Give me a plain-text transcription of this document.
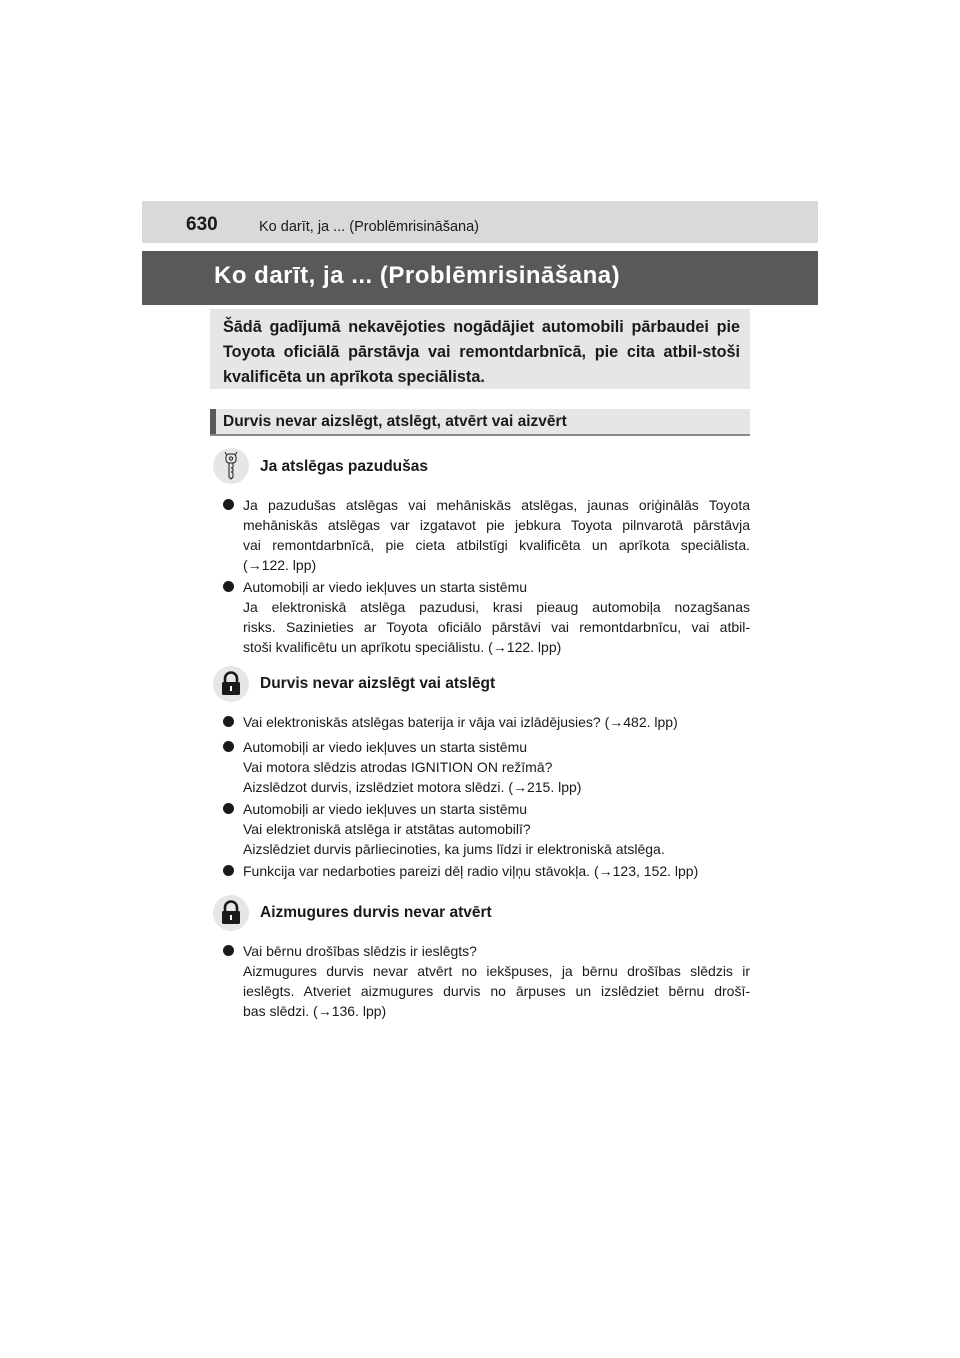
630	Ko darīt, ja ... (Problēmrisināšana)
Ko darīt, ja ... (Problēmrisināšana)
Šādā gadījumā nekavējoties nogādājiet automobili pārbaudei pie Toyota oficiālā pārstāvja vai remontdarbnīcā, pie cita atbil-stoši kvalificēta un aprīkota speciālista.
Durvis nevar aizslēgt, atslēgt, atvērt vai aizvērt
Ja atslēgas pazudušas
Ja pazudušas atslēgas vai mehāniskās atslēgas, jaunas oriģinālās Toyota
mehāniskās atslēgas var izgatavot pie jebkura Toyota pilnvarotā pārstāvja
vai remontdarbnīcā, pie cieta atbilstīgi kvalificēta un aprīkota speciālista.
(→122. lpp)
Automobiļi ar viedo iekļuves un starta sistēmu
Ja elektroniskā atslēga pazudusi, krasi pieaug automobiļa nozagšanas
risks. Sazinieties ar Toyota oficiālo pārstāvi vai remontdarbnīcu, vai atbil-
stoši kvalificētu un aprīkotu speciālistu. (→122. lpp)
Durvis nevar aizslēgt vai atslēgt
Vai elektroniskās atslēgas baterija ir vāja vai izlādējusies? (→482. lpp)
Automobiļi ar viedo iekļuves un starta sistēmu
Vai motora slēdzis atrodas IGNITION ON režīmā?
Aizslēdzot durvis, izslēdziet motora slēdzi. (→215. lpp)
Automobiļi ar viedo iekļuves un starta sistēmu
Vai elektroniskā atslēga ir atstātas automobilī?
Aizslēdziet durvis pārliecinoties, ka jums līdzi ir elektroniskā atslēga.
Funkcija var nedarboties pareizi dēļ radio viļņu stāvokļa. (→123, 152. lpp)
Aizmugures durvis nevar atvērt
Vai bērnu drošības slēdzis ir ieslēgts?
Aizmugures durvis nevar atvērt no iekšpuses, ja bērnu drošības slēdzis ir
ieslēgts. Atveriet aizmugures durvis no ārpuses un izslēdziet bērnu drošī-
bas slēdzi. (→136. lpp)
